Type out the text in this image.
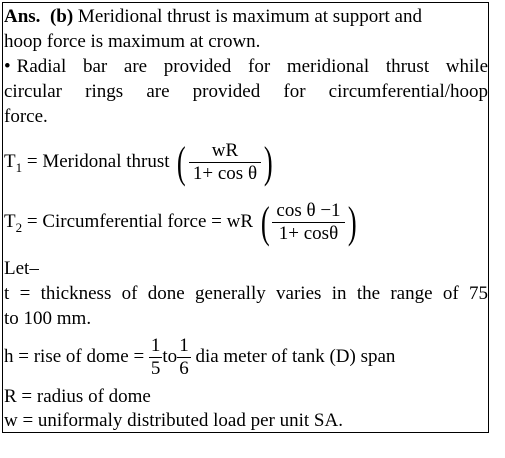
Ans. (b) Meridional thrust is maximum at support and
hoop force is maximum at crown.
• Radial bar are provided for meridional thrust while
circular rings are provided for circumferential/hoop
force.
$T_1$ = Meridonal thrust ( $\frac{wR}{\text{1+ cos θ}}$ )
$T_2$ = Circumferential force = wR ( $\frac{\text{cos θ −1}}{1+ \cos\theta}$ )
Let–
t = thickness of done generally varies in the range of 75
to 100 mm.
h = rise of dome = $\frac{1}{5}$ to $\frac{1}{6}$ dia meter of tank (D) span
R = radius of dome
w = uniformaly distributed load per unit SA.
